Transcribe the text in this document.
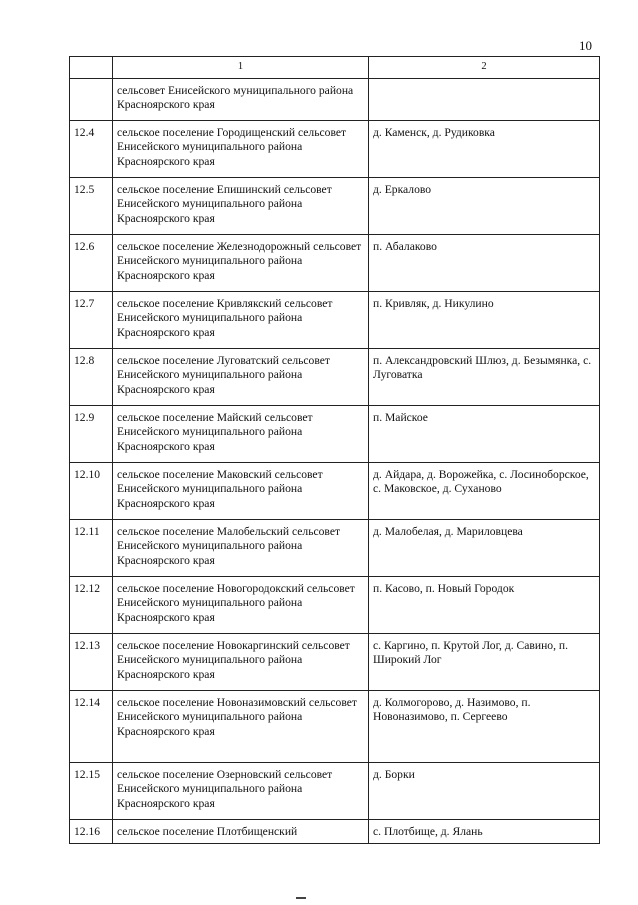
10
	1	2
	сельсовет Енисейского муниципального района Красноярского края	
12.4	сельское поселение Городищенский сельсовет Енисейского муниципального района Красноярского края	д. Каменск, д. Рудиковка
12.5	сельское поселение Епишинский сельсовет Енисейского муниципального района Красноярского края	д. Еркалово
12.6	сельское поселение Железнодорожный сельсовет Енисейского муниципального района Красноярского края	п. Абалаково
12.7	сельское поселение Кривлякский сельсовет Енисейского муниципального района Красноярского края	п. Кривляк, д. Никулино
12.8	сельское поселение Луговатский сельсовет Енисейского муниципального района Красноярского края	п. Александровский Шлюз, д. Безымянка, с. Луговатка
12.9	сельское поселение Майский сельсовет Енисейского муниципального района Красноярского края	п. Майское
12.10	сельское поселение Маковский сельсовет Енисейского муниципального района Красноярского края	д. Айдара, д. Ворожейка, с. Лосиноборское, с. Маковское, д. Суханово
12.11	сельское поселение Малобельский сельсовет Енисейского муниципального района Красноярского края	д. Малобелая, д. Мариловцева
12.12	сельское поселение Новогородокский сельсовет Енисейского муниципального района Красноярского края	п. Касово, п. Новый Городок
12.13	сельское поселение Новокаргинский сельсовет Енисейского муниципального района Красноярского края	с. Каргино, п. Крутой Лог, д. Савино, п. Широкий Лог
12.14	сельское поселение Новоназимовский сельсовет Енисейского муниципального района Красноярского края	д. Колмогорово, д. Назимово, п. Новоназимово, п. Сергеево
12.15	сельское поселение Озерновский сельсовет Енисейского муниципального района Красноярского края	д. Борки
12.16	сельское поселение Плотбищенский	с. Плотбище, д. Ялань
